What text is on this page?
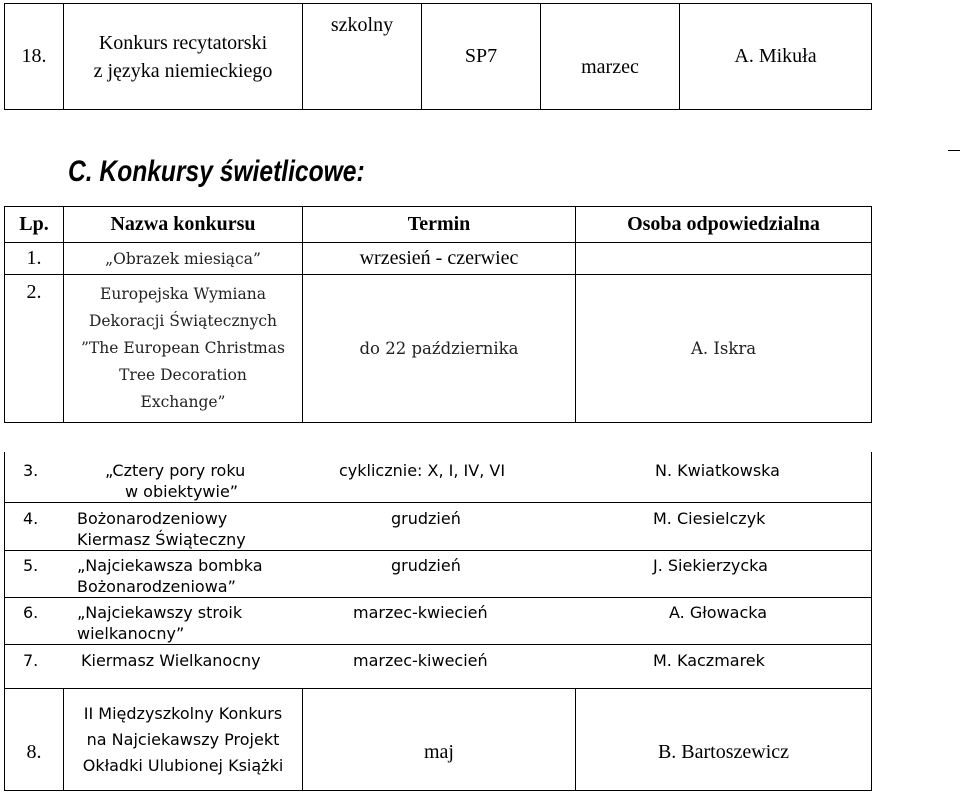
18.	
Konkurs recytatorski
z języka niemieckiego
	szkolny	SP7	marzec	A. Mikuła
C. Konkursy świetlicowe:
Lp.	Nazwa konkursu	Termin	Osoba odpowiedzialna
1.	„Obrazek miesiąca”	wrzesień - czerwiec	
2.	Europejska Wymiana
Dekoracji Świątecznych
”The European Christmas
Tree Decoration
Exchange”	do 22 października	A. Iskra
3.	„Cztery pory roku
w obiektywie”
cyklicznie: X, I, IV, VI	N. Kwiatkowska
4. Bożonarodzeniowy
Kiermasz Świąteczny
grudzień	M. Ciesielczyk
5. „Najciekawsza bombka
Bożonarodzeniowa”
grudzień	J. Siekierzycka
6. „Najciekawszy stroik
wielkanocny”
marzec-kwiecień	A. Głowacka
7.	Kiermasz Wielkanocny	marzec-kiwecień	M. Kaczmarek
8.	
II Międzyszkolny Konkurs
na Najciekawszy Projekt
Okładki Ulubionej Książki
	maj	B. Bartoszewicz
